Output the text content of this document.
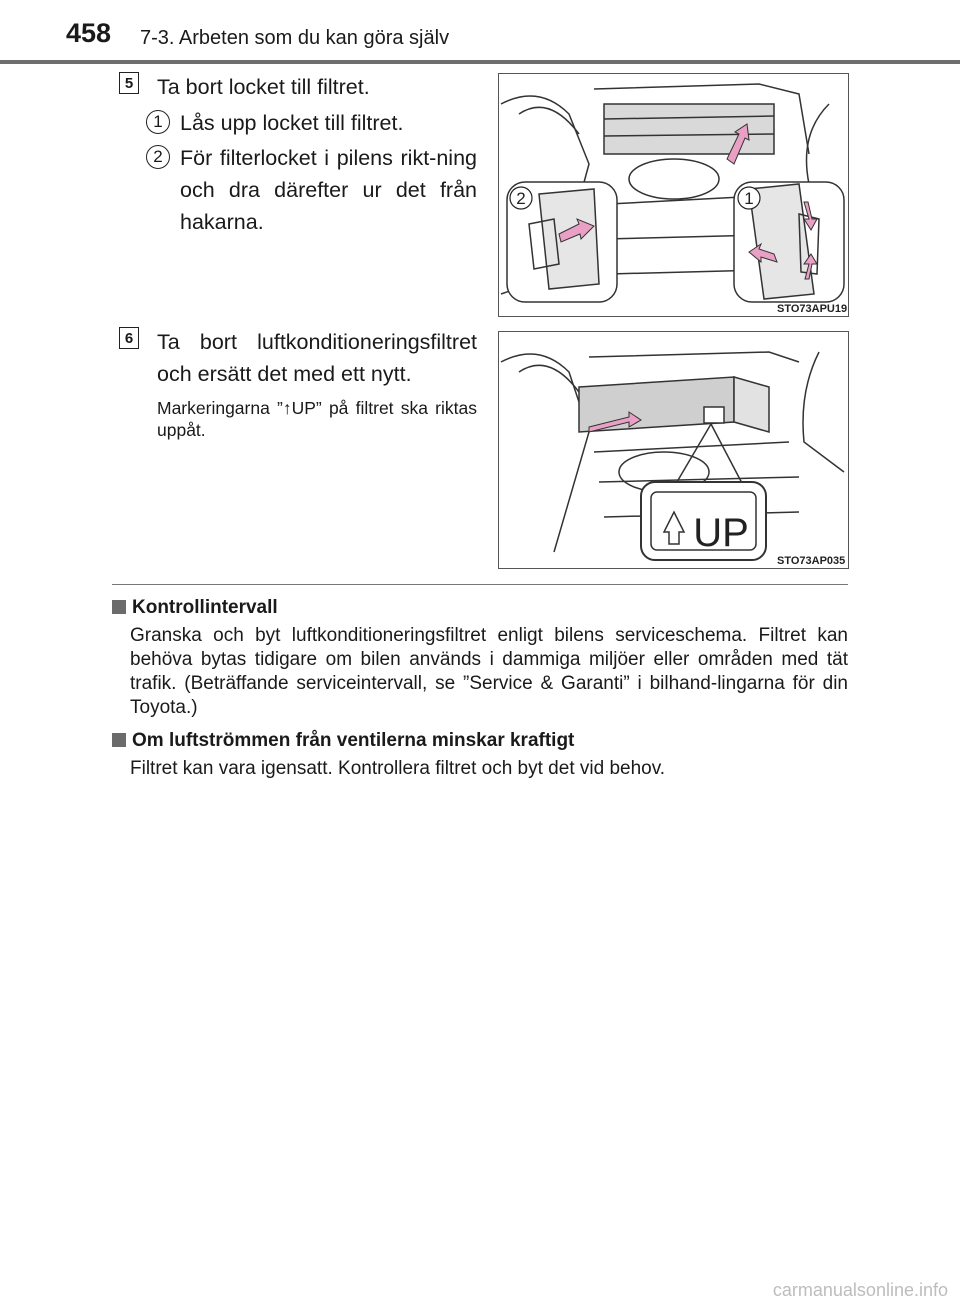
458 7-3. Arbeten som du kan göra själv
5 Ta bort locket till filtret.
1 Lås upp locket till filtret.
2 För filterlocket i pilens rikt-ning och dra därefter ur det från hakarna.
2	1
STO73APU19
6 Ta bort luftkonditioneringsfiltret och ersätt det med ett nytt.
Markeringarna ”↑UP” på filtret ska riktas uppåt.
UP
STO73AP035
Kontrollintervall
Granska och byt luftkonditioneringsfiltret enligt bilens serviceschema. Filtret kan behöva bytas tidigare om bilen används i dammiga miljöer eller områden med tät trafik. (Beträffande serviceintervall, se ”Service & Garanti” i bilhand-lingarna för din Toyota.)
Om luftströmmen från ventilerna minskar kraftigt
Filtret kan vara igensatt. Kontrollera filtret och byt det vid behov.
carmanualsonline.info
